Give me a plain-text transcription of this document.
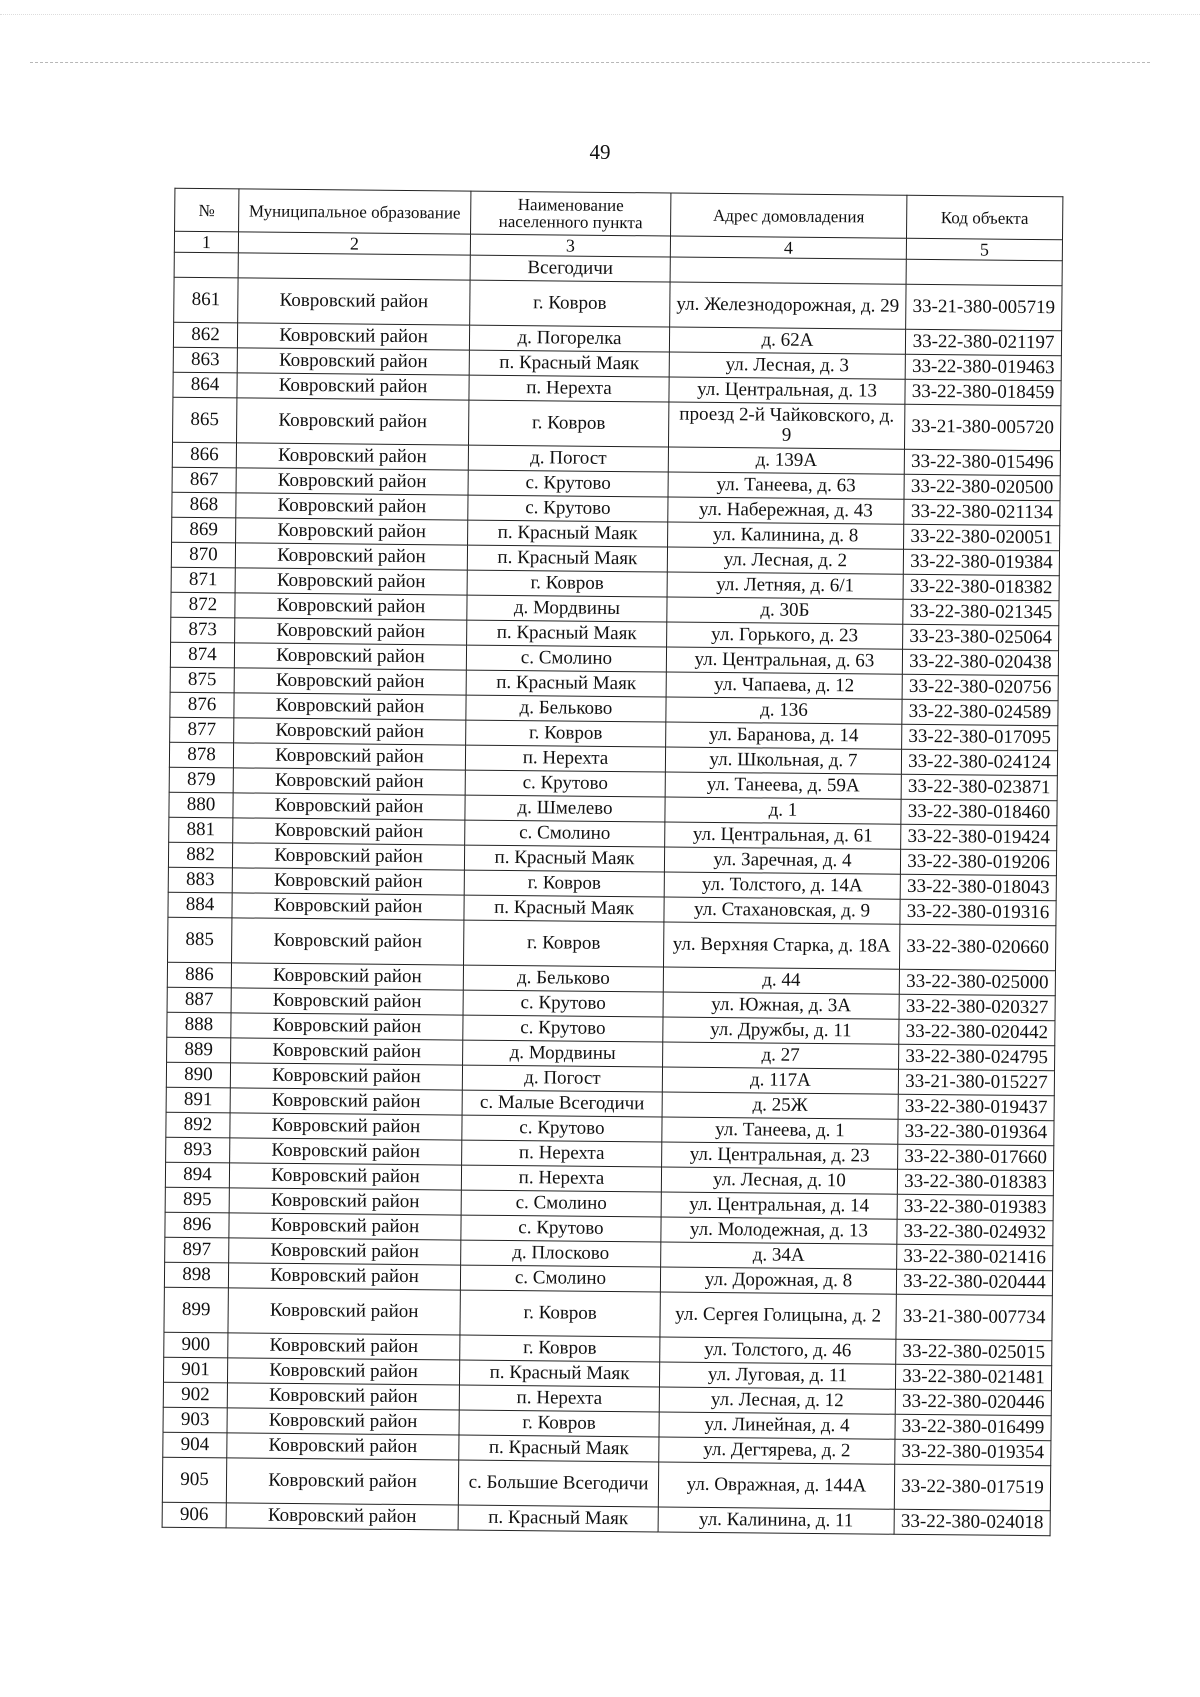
49
№	Муниципальное образование	Наименование населенного пункта	Адрес домовладения	Код объекта
1	2	3	4	5
		Всегодичи		
861	Ковровский район	г. Ковров	ул. Железнодорожная, д. 29	33-21-380-005719
862	Ковровский район	д. Погорелка	д. 62А	33-22-380-021197
863	Ковровский район	п. Красный Маяк	ул. Лесная, д. 3	33-22-380-019463
864	Ковровский район	п. Нерехта	ул. Центральная, д. 13	33-22-380-018459
865	Ковровский район	г. Ковров	проезд 2-й Чайковского, д. 9	33-21-380-005720
866	Ковровский район	д. Погост	д. 139А	33-22-380-015496
867	Ковровский район	с. Крутово	ул. Танеева, д. 63	33-22-380-020500
868	Ковровский район	с. Крутово	ул. Набережная, д. 43	33-22-380-021134
869	Ковровский район	п. Красный Маяк	ул. Калинина, д. 8	33-22-380-020051
870	Ковровский район	п. Красный Маяк	ул. Лесная, д. 2	33-22-380-019384
871	Ковровский район	г. Ковров	ул. Летняя, д. 6/1	33-22-380-018382
872	Ковровский район	д. Мордвины	д. 30Б	33-22-380-021345
873	Ковровский район	п. Красный Маяк	ул. Горького, д. 23	33-23-380-025064
874	Ковровский район	с. Смолино	ул. Центральная, д. 63	33-22-380-020438
875	Ковровский район	п. Красный Маяк	ул. Чапаева, д. 12	33-22-380-020756
876	Ковровский район	д. Бельково	д. 136	33-22-380-024589
877	Ковровский район	г. Ковров	ул. Баранова, д. 14	33-22-380-017095
878	Ковровский район	п. Нерехта	ул. Школьная, д. 7	33-22-380-024124
879	Ковровский район	с. Крутово	ул. Танеева, д. 59А	33-22-380-023871
880	Ковровский район	д. Шмелево	д. 1	33-22-380-018460
881	Ковровский район	с. Смолино	ул. Центральная, д. 61	33-22-380-019424
882	Ковровский район	п. Красный Маяк	ул. Заречная, д. 4	33-22-380-019206
883	Ковровский район	г. Ковров	ул. Толстого, д. 14А	33-22-380-018043
884	Ковровский район	п. Красный Маяк	ул. Стахановская, д. 9	33-22-380-019316
885	Ковровский район	г. Ковров	ул. Верхняя Старка, д. 18А	33-22-380-020660
886	Ковровский район	д. Бельково	д. 44	33-22-380-025000
887	Ковровский район	с. Крутово	ул. Южная, д. 3А	33-22-380-020327
888	Ковровский район	с. Крутово	ул. Дружбы, д. 11	33-22-380-020442
889	Ковровский район	д. Мордвины	д. 27	33-22-380-024795
890	Ковровский район	д. Погост	д. 117А	33-21-380-015227
891	Ковровский район	с. Малые Всегодичи	д. 25Ж	33-22-380-019437
892	Ковровский район	с. Крутово	ул. Танеева, д. 1	33-22-380-019364
893	Ковровский район	п. Нерехта	ул. Центральная, д. 23	33-22-380-017660
894	Ковровский район	п. Нерехта	ул. Лесная, д. 10	33-22-380-018383
895	Ковровский район	с. Смолино	ул. Центральная, д. 14	33-22-380-019383
896	Ковровский район	с. Крутово	ул. Молодежная, д. 13	33-22-380-024932
897	Ковровский район	д. Плосково	д. 34А	33-22-380-021416
898	Ковровский район	с. Смолино	ул. Дорожная, д. 8	33-22-380-020444
899	Ковровский район	г. Ковров	ул. Сергея Голицына, д. 2	33-21-380-007734
900	Ковровский район	г. Ковров	ул. Толстого, д. 46	33-22-380-025015
901	Ковровский район	п. Красный Маяк	ул. Луговая, д. 11	33-22-380-021481
902	Ковровский район	п. Нерехта	ул. Лесная, д. 12	33-22-380-020446
903	Ковровский район	г. Ковров	ул. Линейная, д. 4	33-22-380-016499
904	Ковровский район	п. Красный Маяк	ул. Дегтярева, д. 2	33-22-380-019354
905	Ковровский район	с. Большие Всегодичи	ул. Овражная, д. 144А	33-22-380-017519
906	Ковровский район	п. Красный Маяк	ул. Калинина, д. 11	33-22-380-024018
